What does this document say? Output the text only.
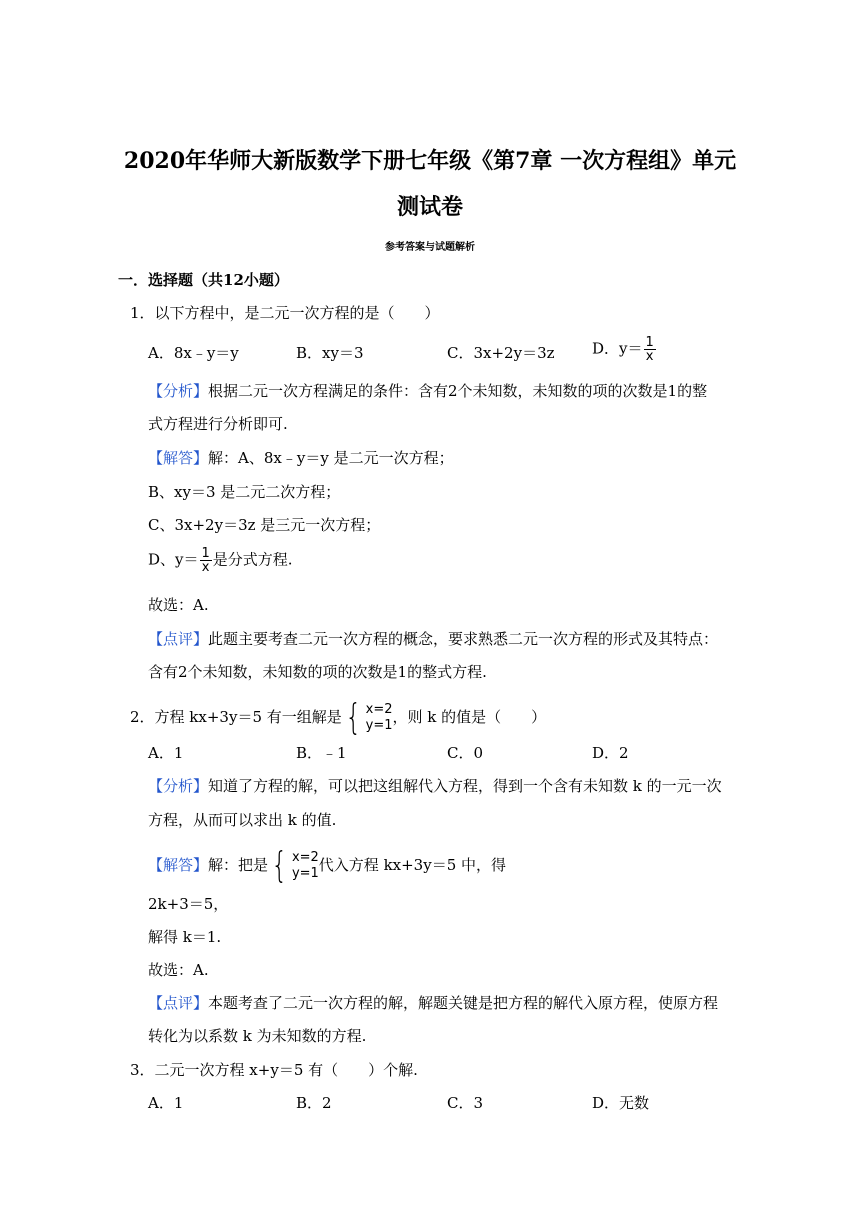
2020年华师大新版数学下册七年级《第7章 一次方程组》单元
测试卷
参考答案与试题解析
一．选择题（共12小题）
1．以下方程中，是二元一次方程的是（　　）
A．8x﹣y＝y	B．xy＝3	C．3x+2y＝3z D．$y= \frac{1}{x}$
【分析】根据二元一次方程满足的条件：含有2个未知数，未知数的项的次数是1的整
式方程进行分析即可.
【解答】解：A、8x﹣y＝y 是二元一次方程；
B、xy＝3 是二元二次方程；
C、3x+2y＝3z 是三元一次方程；
D、$y= \frac{1}{x}$ 是分式方程.
故选：A.
【点评】此题主要考查二元一次方程的概念，要求熟悉二元一次方程的形式及其特点：
含有2个未知数，未知数的项的次数是1的整式方程.
2．方程 kx+3y＝5 有一组解是 { x=2
y=1 ，则 k 的值是（　　）
A．1	B．﹣1	C．0	D．2
【分析】知道了方程的解，可以把这组解代入方程，得到一个含有未知数 k 的一元一次
方程，从而可以求出 k 的值.
【解答】解：把是 { x=2
y=1 代入方程 kx+3y＝5 中，得
2k+3＝5，
解得 k＝1.
故选：A.
【点评】本题考查了二元一次方程的解，解题关键是把方程的解代入原方程，使原方程
转化为以系数 k 为未知数的方程.
3．二元一次方程 x+y＝5 有（　　）个解.
A．1	B．2	C．3	D．无数
